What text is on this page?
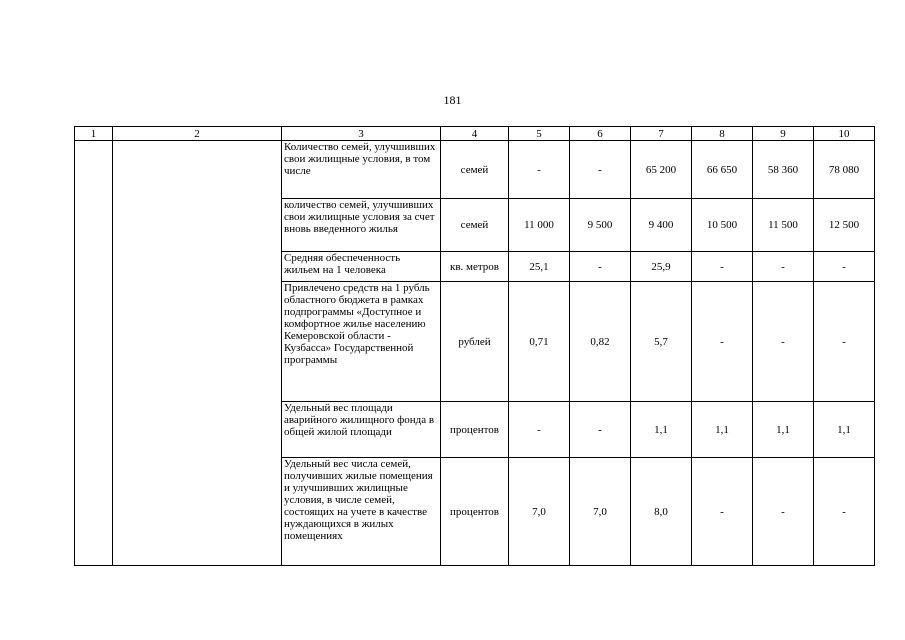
181
1	2	3	4	5	6	7	8	9	10
		Количество семей, улучшивших свои жилищные условия, в том числе	семей	-	-	65 200	66 650	58 360	78 080
		количество семей, улучшивших свои жилищные условия за счет вновь введенного жилья	семей	11 000	9 500	9 400	10 500	11 500	12 500
		Средняя обеспеченность жильем на 1 человека	кв. метров	25,1	-	25,9	-	-	-
		Привлечено средств на 1 рубль областного бюджета в рамках подпрограммы «Доступное и комфортное жилье населению Кемеровской области - Кузбасса» Государственной программы	рублей	0,71	0,82	5,7	-	-	-
		Удельный вес площади аварийного жилищного фонда в общей жилой площади	процентов	-	-	1,1	1,1	1,1	1,1
		Удельный вес числа семей, получивших жилые помещения и улучшивших жилищные условия, в числе семей, состоящих на учете в качестве нуждающихся в жилых помещениях	процентов	7,0	7,0	8,0	-	-	-
